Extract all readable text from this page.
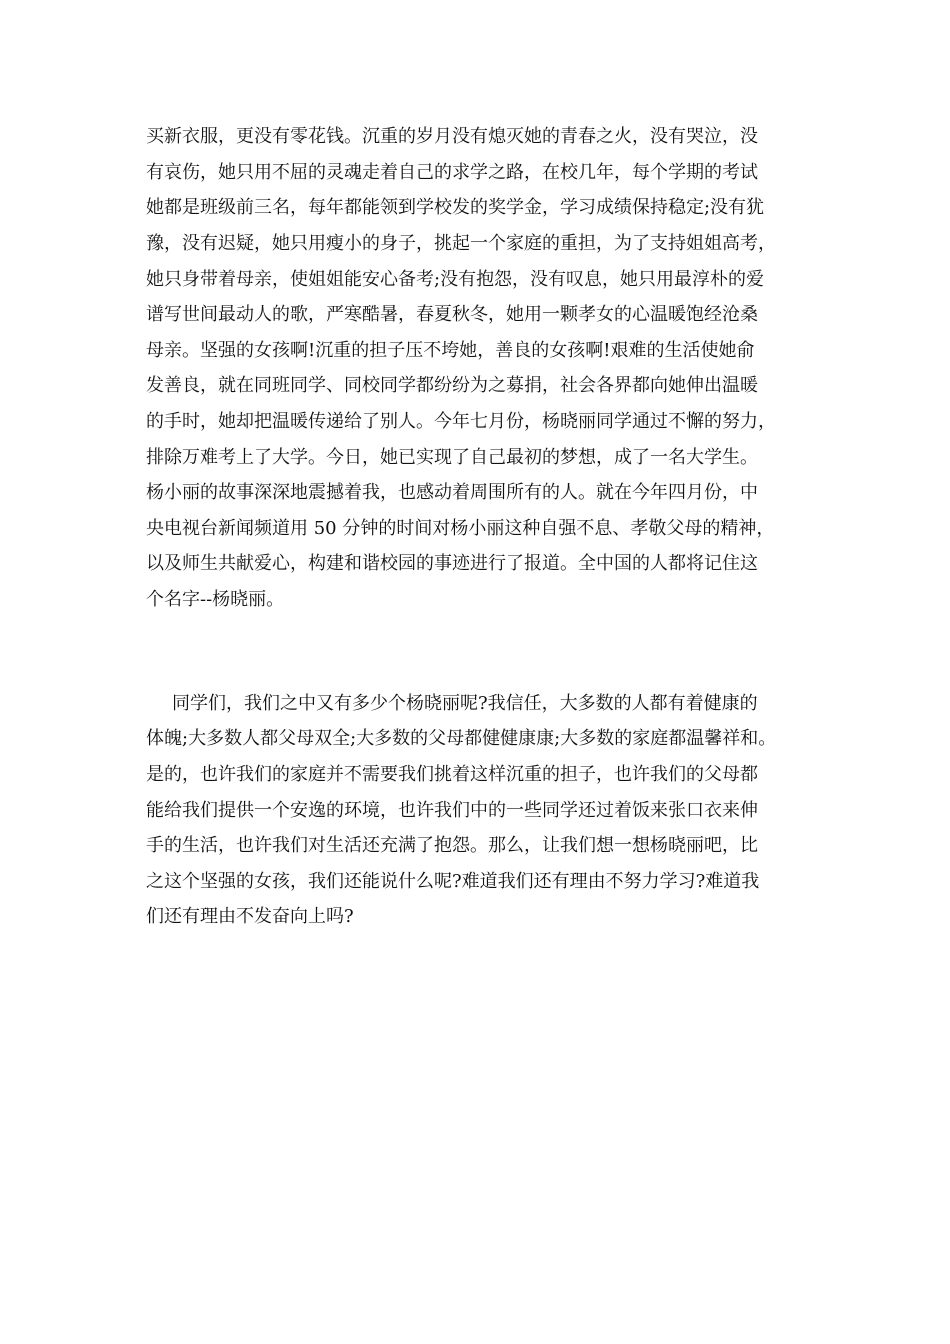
买新衣服，更没有零花钱。沉重的岁月没有熄灭她的青春之火，没有哭泣，没

有哀伤，她只用不屈的灵魂走着自己的求学之路，在校几年，每个学期的考试

她都是班级前三名，每年都能领到学校发的奖学金，学习成绩保持稳定;没有犹

豫，没有迟疑，她只用瘦小的身子，挑起一个家庭的重担，为了支持姐姐高考，

她只身带着母亲，使姐姐能安心备考;没有抱怨，没有叹息，她只用最淳朴的爱

谱写世间最动人的歌，严寒酷暑，春夏秋冬，她用一颗孝女的心温暖饱经沧桑

母亲。坚强的女孩啊!沉重的担子压不垮她，善良的女孩啊!艰难的生活使她俞

发善良，就在同班同学、同校同学都纷纷为之募捐，社会各界都向她伸出温暖

的手时，她却把温暖传递给了别人。今年七月份，杨晓丽同学通过不懈的努力，

排除万难考上了大学。今日，她已实现了自己最初的梦想，成了一名大学生。

杨小丽的故事深深地震撼着我，也感动着周围所有的人。就在今年四月份，中

央电视台新闻频道用 50 分钟的时间对杨小丽这种自强不息、孝敬父母的精神，

以及师生共献爱心，构建和谐校园的事迹进行了报道。全中国的人都将记住这

个名字--杨晓丽。

同学们，我们之中又有多少个杨晓丽呢?我信任，大多数的人都有着健康的

体魄;大多数人都父母双全;大多数的父母都健健康康;大多数的家庭都温馨祥和。

是的，也许我们的家庭并不需要我们挑着这样沉重的担子，也许我们的父母都

能给我们提供一个安逸的环境，也许我们中的一些同学还过着饭来张口衣来伸

手的生活，也许我们对生活还充满了抱怨。那么，让我们想一想杨晓丽吧，比

之这个坚强的女孩，我们还能说什么呢?难道我们还有理由不努力学习?难道我

们还有理由不发奋向上吗?
